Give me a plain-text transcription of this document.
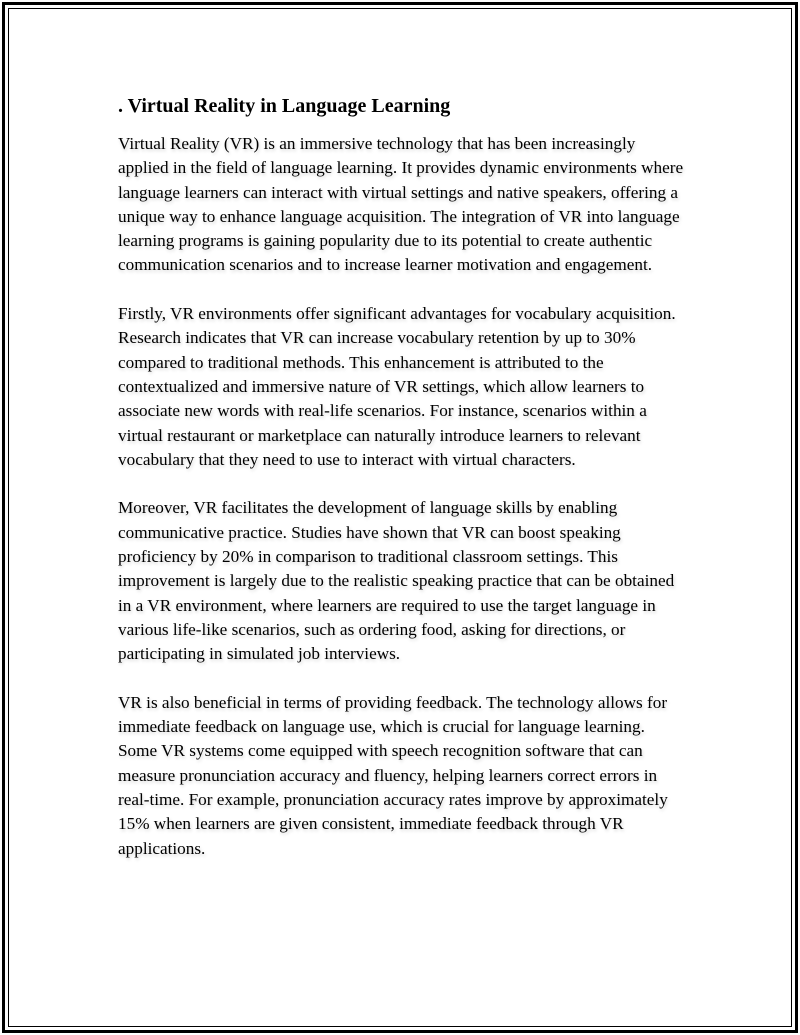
. Virtual Reality in Language Learning

Virtual Reality (VR) is an immersive technology that has been increasingly applied in the field of language learning. It provides dynamic environments where language learners can interact with virtual settings and native speakers, offering a unique way to enhance language acquisition. The integration of VR into language learning programs is gaining popularity due to its potential to create authentic communication scenarios and to increase learner motivation and engagement.

Firstly, VR environments offer significant advantages for vocabulary acquisition. Research indicates that VR can increase vocabulary retention by up to 30% compared to traditional methods. This enhancement is attributed to the contextualized and immersive nature of VR settings, which allow learners to associate new words with real-life scenarios. For instance, scenarios within a virtual restaurant or marketplace can naturally introduce learners to relevant vocabulary that they need to use to interact with virtual characters.

Moreover, VR facilitates the development of language skills by enabling communicative practice. Studies have shown that VR can boost speaking proficiency by 20% in comparison to traditional classroom settings. This improvement is largely due to the realistic speaking practice that can be obtained in a VR environment, where learners are required to use the target language in various life-like scenarios, such as ordering food, asking for directions, or participating in simulated job interviews.

VR is also beneficial in terms of providing feedback. The technology allows for immediate feedback on language use, which is crucial for language learning. Some VR systems come equipped with speech recognition software that can measure pronunciation accuracy and fluency, helping learners correct errors in real-time. For example, pronunciation accuracy rates improve by approximately 15% when learners are given consistent, immediate feedback through VR applications.
